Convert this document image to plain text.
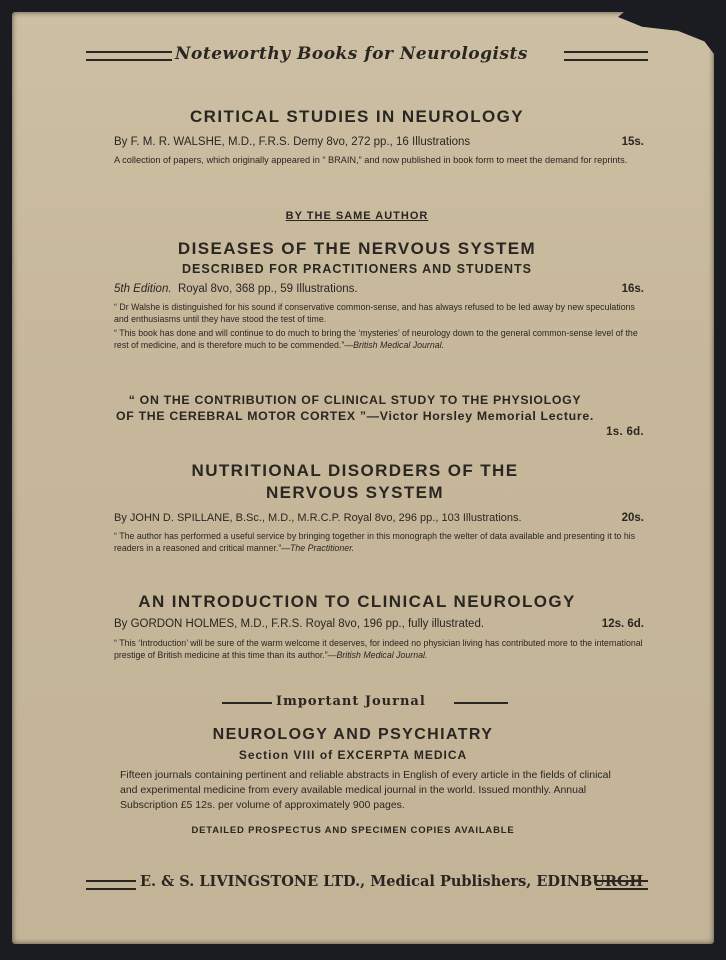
Noteworthy Books for Neurologists
CRITICAL STUDIES IN NEUROLOGY
By F. M. R. WALSHE, M.D., F.R.S. Demy 8vo, 272 pp., 16 Illustrations	15s.
A collection of papers, which originally appeared in “ BRAIN,” and now published in book form to meet the demand for reprints.
BY THE SAME AUTHOR
DISEASES OF THE NERVOUS SYSTEM
DESCRIBED FOR PRACTITIONERS AND STUDENTS
5th Edition. Royal 8vo, 368 pp., 59 Illustrations.	16s.
“ Dr Walshe is distinguished for his sound if conservative common-sense, and has always refused to be led away by new speculations and enthusiasms until they have stood the test of time.
“ This book has done and will continue to do much to bring the ‘mysteries’ of neurology down to the general common-sense level of the rest of medicine, and is therefore much to be commended.”—British Medical Journal.
“ ON THE CONTRIBUTION OF CLINICAL STUDY TO THE PHYSIOLOGY
OF THE CEREBRAL MOTOR CORTEX ”—Victor Horsley Memorial Lecture.
1s. 6d.
NUTRITIONAL DISORDERS OF THE
NERVOUS SYSTEM
By JOHN D. SPILLANE, B.Sc., M.D., M.R.C.P. Royal 8vo, 296 pp., 103 Illustrations.	20s.
“ The author has performed a useful service by bringing together in this monograph the welter of data available and presenting it to his readers in a reasoned and critical manner.”—The Practitioner.
AN INTRODUCTION TO CLINICAL NEUROLOGY
By GORDON HOLMES, M.D., F.R.S. Royal 8vo, 196 pp., fully illustrated.	12s. 6d.
“ This ‘Introduction’ will be sure of the warm welcome it deserves, for indeed no physician living has contributed more to the international prestige of British medicine at this time than its author.”—British Medical Journal.
Important Journal
NEUROLOGY AND PSYCHIATRY
Section VIII of EXCERPTA MEDICA
Fifteen journals containing pertinent and reliable abstracts in English of every article in the fields of clinical and experimental medicine from every available medical journal in the world. Issued monthly. Annual Subscription £5 12s. per volume of approximately 900 pages.
DETAILED PROSPECTUS AND SPECIMEN COPIES AVAILABLE
E. & S. LIVINGSTONE LTD., Medical Publishers, EDINBURGH
